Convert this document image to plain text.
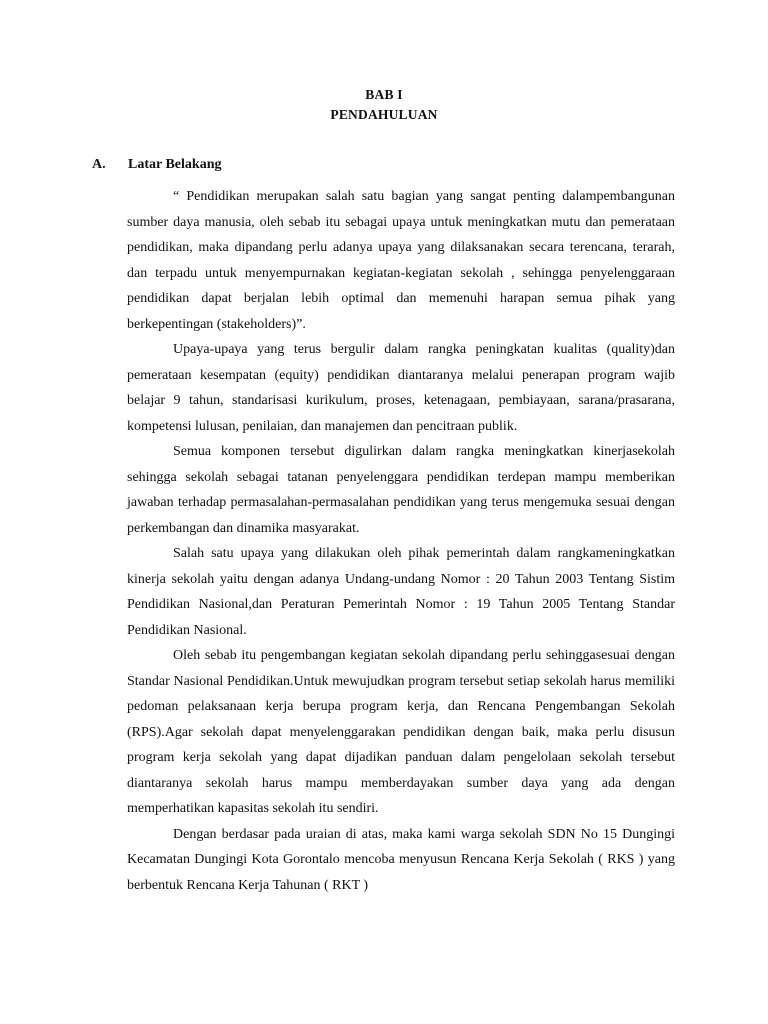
BAB I
PENDAHULUAN
A. Latar Belakang

“ Pendidikan merupakan salah satu bagian yang sangat penting dalampembangunan sumber daya manusia, oleh sebab itu sebagai upaya untuk meningkatkan mutu dan pemerataan pendidikan, maka dipandang perlu adanya upaya yang dilaksanakan secara terencana, terarah, dan terpadu untuk menyempurnakan kegiatan-kegiatan sekolah , sehingga penyelenggaraan pendidikan dapat berjalan lebih optimal dan memenuhi harapan semua pihak yang berkepentingan (stakeholders)”.

Upaya-upaya yang terus bergulir dalam rangka peningkatan kualitas (quality)dan pemerataan kesempatan (equity) pendidikan diantaranya melalui penerapan program wajib belajar 9 tahun, standarisasi kurikulum, proses, ketenagaan, pembiayaan, sarana/prasarana, kompetensi lulusan, penilaian, dan manajemen dan pencitraan publik.

Semua komponen tersebut digulirkan dalam rangka meningkatkan kinerjasekolah sehingga sekolah sebagai tatanan penyelenggara pendidikan terdepan mampu memberikan jawaban terhadap permasalahan-permasalahan pendidikan yang terus mengemuka sesuai dengan perkembangan dan dinamika masyarakat.

Salah satu upaya yang dilakukan oleh pihak pemerintah dalam rangkameningkatkan kinerja sekolah yaitu dengan adanya Undang-undang Nomor : 20 Tahun 2003 Tentang Sistim Pendidikan Nasional,dan Peraturan Pemerintah Nomor : 19 Tahun 2005 Tentang Standar Pendidikan Nasional.

Oleh sebab itu pengembangan kegiatan sekolah dipandang perlu sehinggasesuai dengan Standar Nasional Pendidikan.Untuk mewujudkan program tersebut setiap sekolah harus memiliki pedoman pelaksanaan kerja berupa program kerja, dan Rencana Pengembangan Sekolah (RPS).Agar sekolah dapat menyelenggarakan pendidikan dengan baik, maka perlu disusun program kerja sekolah yang dapat dijadikan panduan dalam pengelolaan sekolah tersebut diantaranya sekolah harus mampu memberdayakan sumber daya yang ada dengan memperhatikan kapasitas sekolah itu sendiri.

Dengan berdasar pada uraian di atas, maka kami warga sekolah SDN No 15 Dungingi Kecamatan Dungingi Kota Gorontalo mencoba menyusun Rencana Kerja Sekolah ( RKS ) yang berbentuk Rencana Kerja Tahunan ( RKT )
